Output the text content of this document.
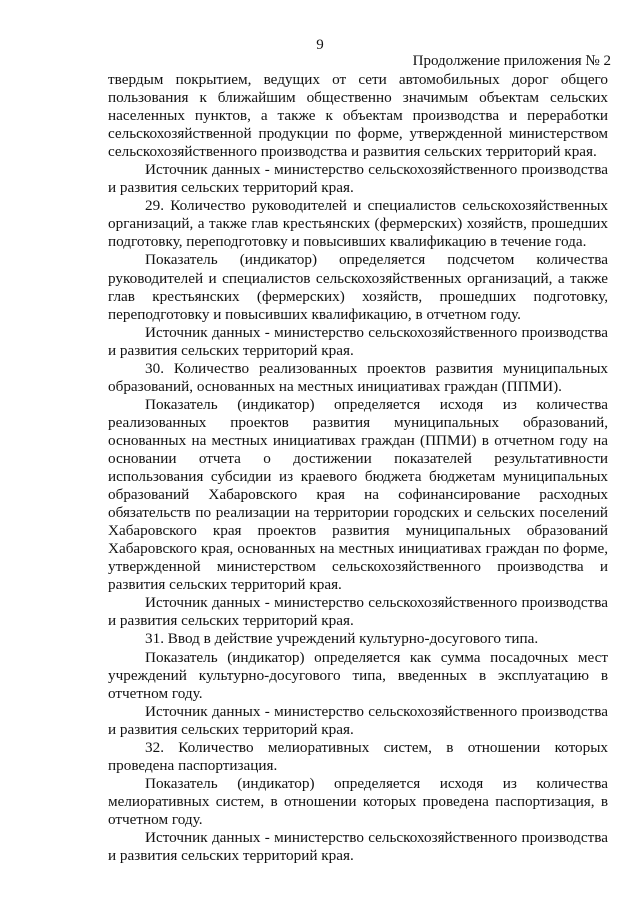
9
Продолжение приложения № 2

твердым покрытием, ведущих от сети автомобильных дорог общего пользования к ближайшим общественно значимым объектам сельских населенных пунктов, а также к объектам производства и переработки сельскохозяйственной продукции по форме, утвержденной министерством сельскохозяйственного производства и развития сельских территорий края.

Источник данных - министерство сельскохозяйственного производства и развития сельских территорий края.

29. Количество руководителей и специалистов сельскохозяйственных организаций, а также глав крестьянских (фермерских) хозяйств, прошедших подготовку, переподготовку и повысивших квалификацию в течение года.

Показатель (индикатор) определяется подсчетом количества руководителей и специалистов сельскохозяйственных организаций, а также глав крестьянских (фермерских) хозяйств, прошедших подготовку, переподготовку и повысивших квалификацию, в отчетном году.

Источник данных - министерство сельскохозяйственного производства и развития сельских территорий края.

30. Количество реализованных проектов развития муниципальных образований, основанных на местных инициативах граждан (ППМИ).

Показатель (индикатор) определяется исходя из количества реализованных проектов развития муниципальных образований, основанных на местных инициативах граждан (ППМИ) в отчетном году на основании отчета о достижении показателей результативности использования субсидии из краевого бюджета бюджетам муниципальных образований Хабаровского края на софинансирование расходных обязательств по реализации на территории городских и сельских поселений Хабаровского края проектов развития муниципальных образований Хабаровского края, основанных на местных инициативах граждан по форме, утвержденной министерством сельскохозяйственного производства и развития сельских территорий края.

Источник данных - министерство сельскохозяйственного производства и развития сельских территорий края.

31. Ввод в действие учреждений культурно-досугового типа.

Показатель (индикатор) определяется как сумма посадочных мест учреждений культурно-досугового типа, введенных в эксплуатацию в отчетном году.

Источник данных - министерство сельскохозяйственного производства и развития сельских территорий края.

32. Количество мелиоративных систем, в отношении которых проведена паспортизация.

Показатель (индикатор) определяется исходя из количества мелиоративных систем, в отношении которых проведена паспортизация, в отчетном году.

Источник данных - министерство сельскохозяйственного производства и развития сельских территорий края.
